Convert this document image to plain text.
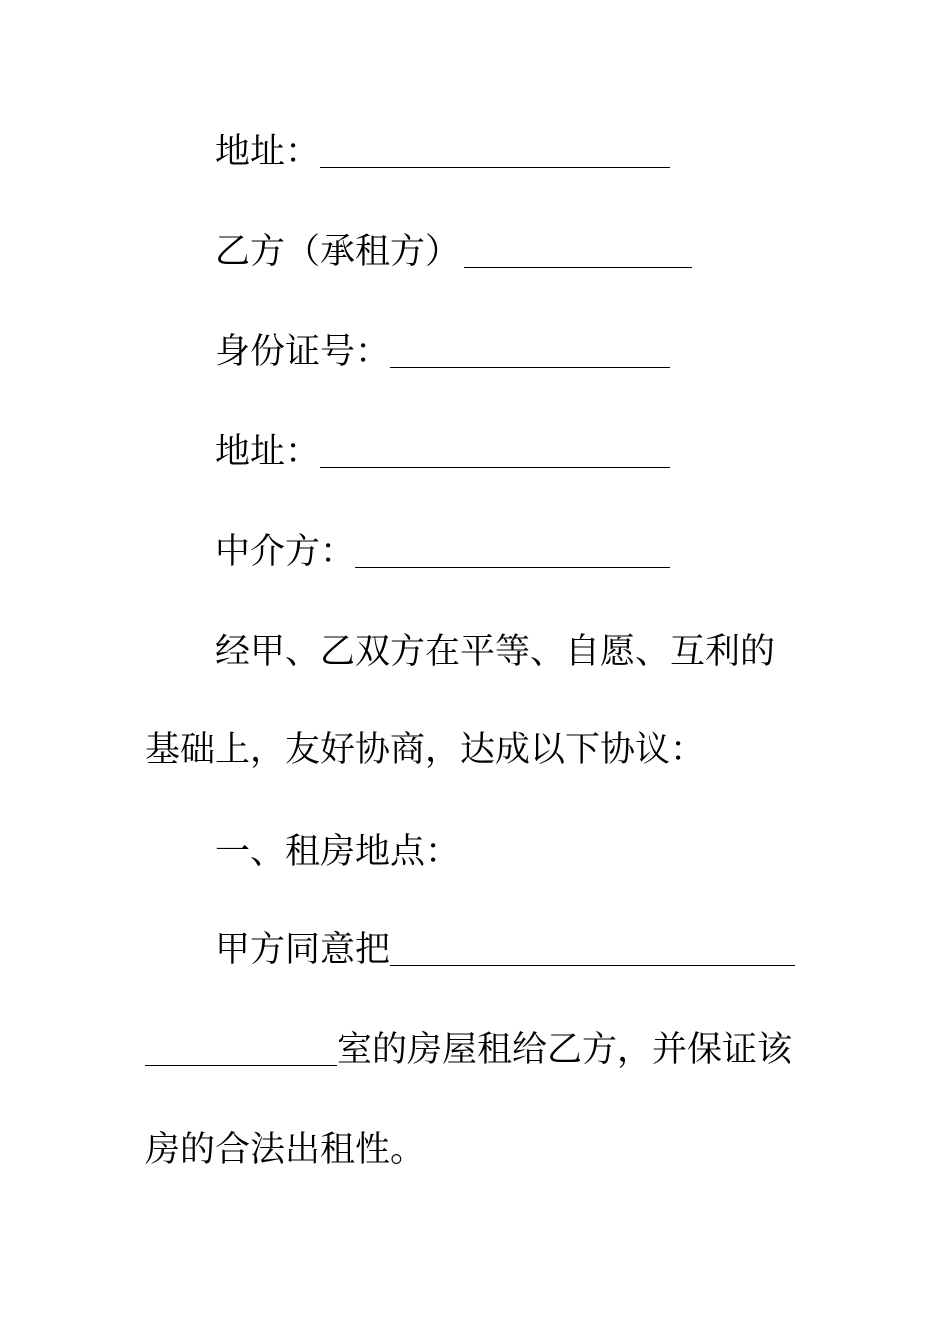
地址：
乙方（承租方）
身份证号：
地址：
中介方：
经甲、乙双方在平等、自愿、互利的
基础上，友好协商，达成以下协议：
一、租房地点：
甲方同意把
室的房屋租给乙方，并保证该
房的合法出租性。
